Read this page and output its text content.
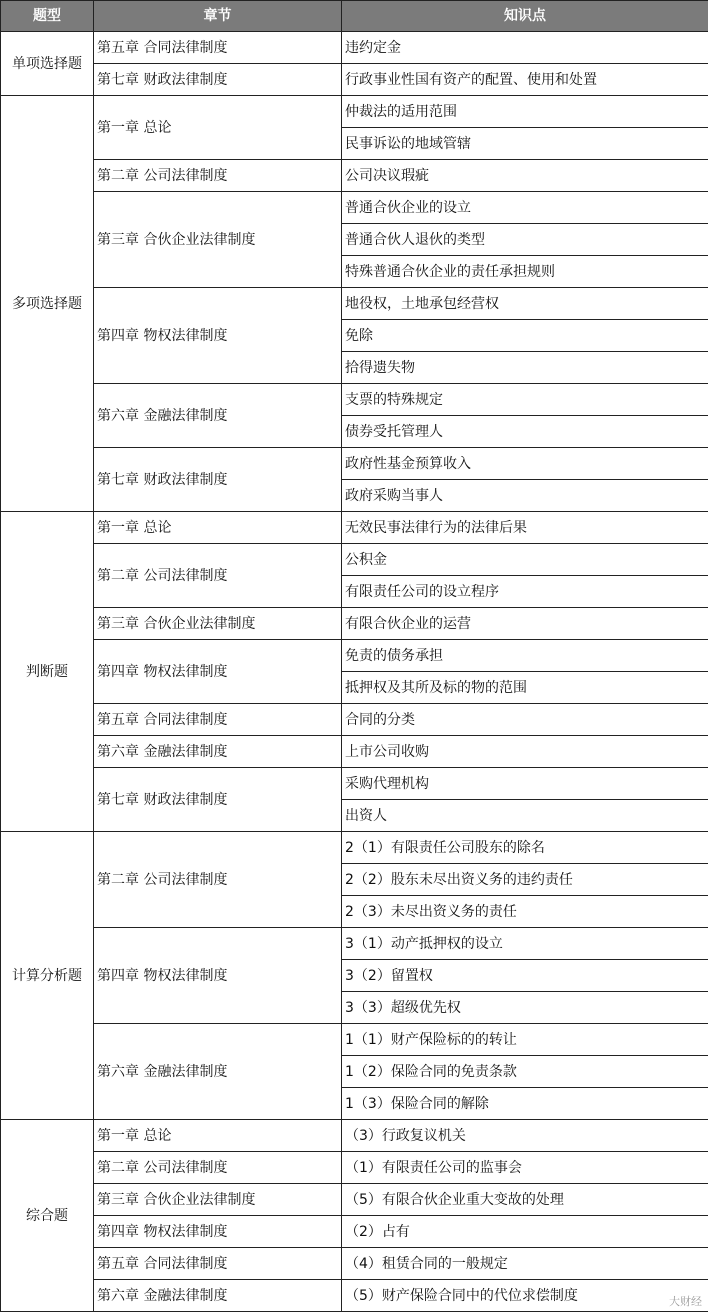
题型	章节	知识点
单项选择题	第五章 合同法律制度	违约定金
	第七章 财政法律制度	行政事业性国有资产的配置、使用和处置
多项选择题	第一章 总论	仲裁法的适用范围
		民事诉讼的地域管辖
	第二章 公司法律制度	公司决议瑕疵
	第三章 合伙企业法律制度	普通合伙企业的设立
		普通合伙人退伙的类型
		特殊普通合伙企业的责任承担规则
	第四章 物权法律制度	地役权，土地承包经营权
		免除
		拾得遗失物
	第六章 金融法律制度	支票的特殊规定
		债券受托管理人
	第七章 财政法律制度	政府性基金预算收入
		政府采购当事人
判断题	第一章 总论	无效民事法律行为的法律后果
	第二章 公司法律制度	公积金
		有限责任公司的设立程序
	第三章 合伙企业法律制度	有限合伙企业的运营
	第四章 物权法律制度	免责的债务承担
		抵押权及其所及标的物的范围
	第五章 合同法律制度	合同的分类
	第六章 金融法律制度	上市公司收购
	第七章 财政法律制度	采购代理机构
		出资人
计算分析题	第二章 公司法律制度	2（1）有限责任公司股东的除名
		2（2）股东未尽出资义务的违约责任
		2（3）未尽出资义务的责任
	第四章 物权法律制度	3（1）动产抵押权的设立
		3（2）留置权
		3（3）超级优先权
	第六章 金融法律制度	1（1）财产保险标的的转让
		1（2）保险合同的免责条款
		1（3）保险合同的解除
综合题	第一章 总论	（3）行政复议机关
	第二章 公司法律制度	（1）有限责任公司的监事会
	第三章 合伙企业法律制度	（5）有限合伙企业重大变故的处理
	第四章 物权法律制度	（2）占有
	第五章 合同法律制度	（4）租赁合同的一般规定
	第六章 金融法律制度	（5）财产保险合同中的代位求偿制度	大财经
